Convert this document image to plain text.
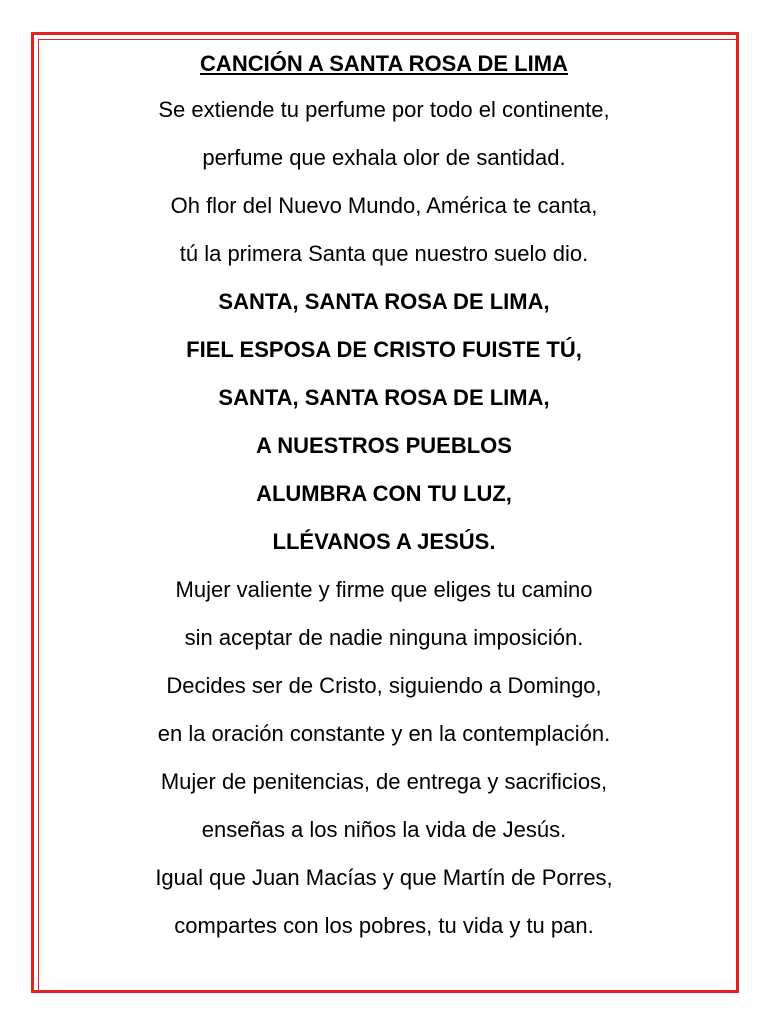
CANCIÓN A SANTA ROSA DE LIMA

Se extiende tu perfume por todo el continente,

perfume que exhala olor de santidad.

Oh flor del Nuevo Mundo, América te canta,

tú la primera Santa que nuestro suelo dio.

SANTA, SANTA ROSA DE LIMA,

FIEL ESPOSA DE CRISTO FUISTE TÚ,

SANTA, SANTA ROSA DE LIMA,

A NUESTROS PUEBLOS

ALUMBRA CON TU LUZ,

LLÉVANOS A JESÚS.

Mujer valiente y firme que eliges tu camino

sin aceptar de nadie ninguna imposición.

Decides ser de Cristo, siguiendo a Domingo,

en la oración constante y en la contemplación.

Mujer de penitencias, de entrega y sacrificios,

enseñas a los niños la vida de Jesús.

Igual que Juan Macías y que Martín de Porres,

compartes con los pobres, tu vida y tu pan.
